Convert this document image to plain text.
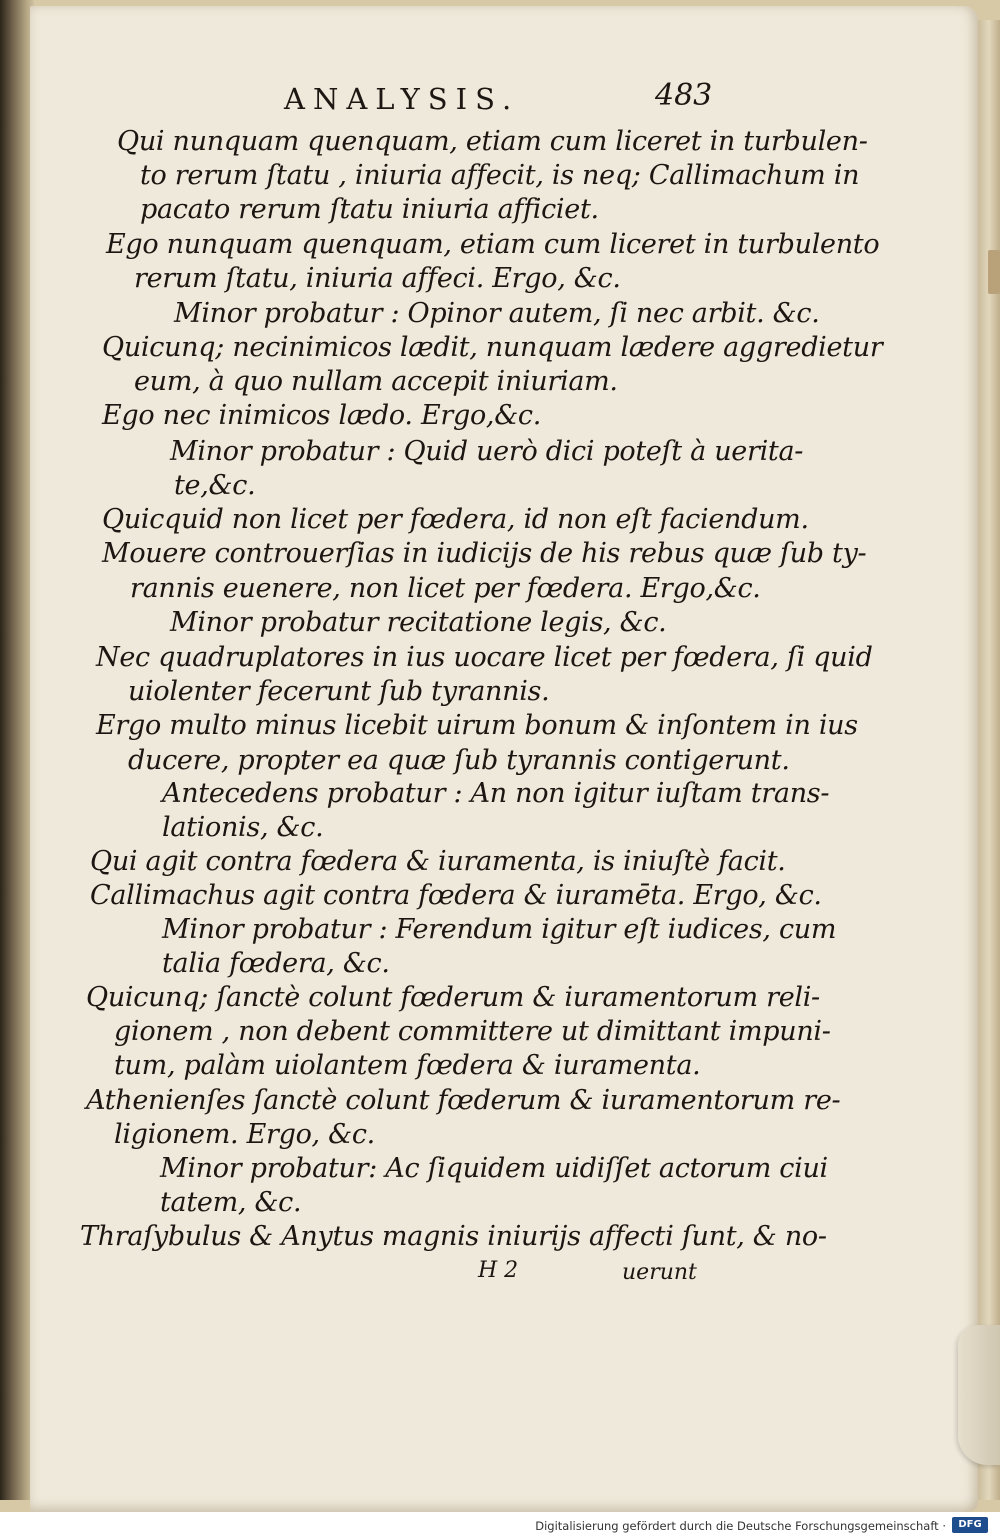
ANALYSIS.	483
Qui nunquam quenquam, etiam cum liceret in turbulen-
to rerum ſtatu , iniuria affecit, is neq; Callimachum in
pacato rerum ſtatu iniuria afficiet.
Ego nunquam quenquam, etiam cum liceret in turbulento
rerum ſtatu, iniuria affeci. Ergo, &c.
Minor probatur : Opinor autem, ſi nec arbit. &c.
Quicunq; necinimicos lædit, nunquam lædere aggredietur
eum, à quo nullam accepit iniuriam.
Ego nec inimicos lædo. Ergo,&c.
Minor probatur : Quid uerò dici poteſt à uerita-
te,&c.
Quicquid non licet per fœdera, id non eſt faciendum.
Mouere controuerſias in iudicijs de his rebus quæ ſub ty-
rannis euenere, non licet per fœdera. Ergo,&c.
Minor probatur recitatione legis, &c.
Nec quadruplatores in ius uocare licet per fœdera, ſi quid
uiolenter fecerunt ſub tyrannis.
Ergo multo minus licebit uirum bonum & inſontem in ius
ducere, propter ea quæ ſub tyrannis contigerunt.
Antecedens probatur : An non igitur iuſtam trans-
lationis, &c.
Qui agit contra fœdera & iuramenta, is iniuſtè facit.
Callimachus agit contra fœdera & iuramēta. Ergo, &c.
Minor probatur : Ferendum igitur eſt iudices, cum
talia fœdera, &c.
Quicunq; ſanctè colunt fœderum & iuramentorum reli-
gionem , non debent committere ut dimittant impuni-
tum, palàm uiolantem fœdera & iuramenta.
Athenienſes ſanctè colunt fœderum & iuramentorum re-
ligionem. Ergo, &c.
Minor probatur: Ac ſiquidem uidiſſet actorum ciui
tatem, &c.
Thraſybulus & Anytus magnis iniurijs affecti ſunt, & no-
H 2	uerunt
Digitalisierung gefördert durch die Deutsche Forschungsgemeinschaft ·	DFG
